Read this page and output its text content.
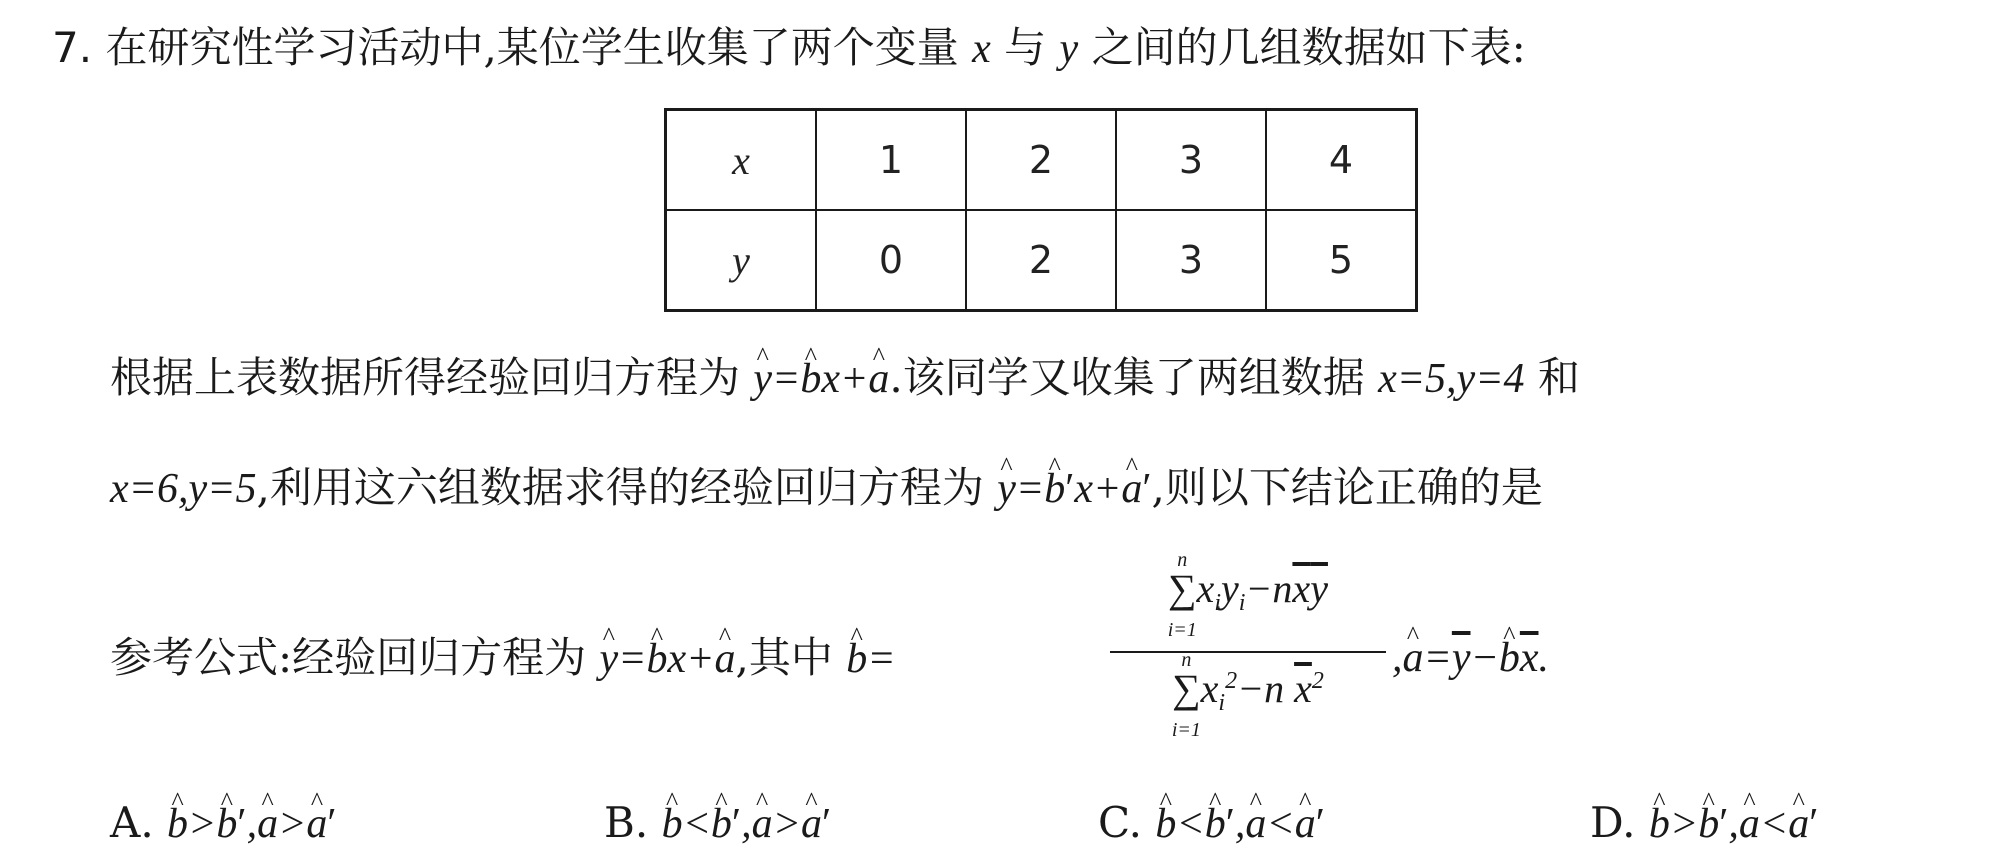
7. 在研究性学习活动中,某位学生收集了两个变量 x 与 y 之间的几组数据如下表:
x	1	2	3	4
y	0	2	3	5
根据上表数据所得经验回归方程为 ^ y=^ bx+^ a.该同学又收集了两组数据 x=5,y=4 和
x=6,y=5,利用这六组数据求得的经验回归方程为 ^ y=^ b′x+^ a′,则以下结论正确的是
参考公式:经验回归方程为 ^ y=^ bx+^ a,其中 ^ b=
n
∑
i=1
$x_iy_i-n\overline{x}\overline{y}$
n
∑
i=1
$x_i^2-n$ $\overline{x}^2$	,^ $a=\overline{y}-\^{}$ $b\overline{x}$.
A. ^ b>^ b′,^ a>^ a′	B. ^ b<^ b′,^ a>^ a′	C. ^ b<^ b′,^ a<^ a′	D. ^ b>^ b′,^ a<^ a′
